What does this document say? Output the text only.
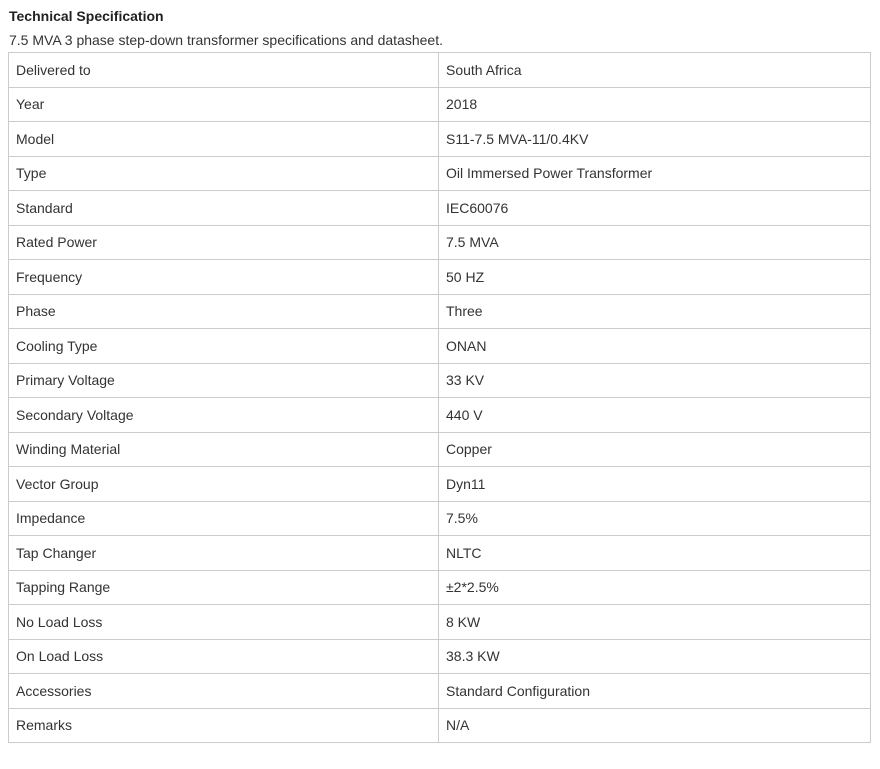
Technical Specification

7.5 MVA 3 phase step-down transformer specifications and datasheet.

Delivered to	South Africa
Year	2018
Model	S11-7.5 MVA-11/0.4KV
Type	Oil Immersed Power Transformer
Standard	IEC60076
Rated Power	7.5 MVA
Frequency	50 HZ
Phase	Three
Cooling Type	ONAN
Primary Voltage	33 KV
Secondary Voltage	440 V
Winding Material	Copper
Vector Group	Dyn11
Impedance	7.5%
Tap Changer	NLTC
Tapping Range	±2*2.5%
No Load Loss	8 KW
On Load Loss	38.3 KW
Accessories	Standard Configuration
Remarks	N/A
